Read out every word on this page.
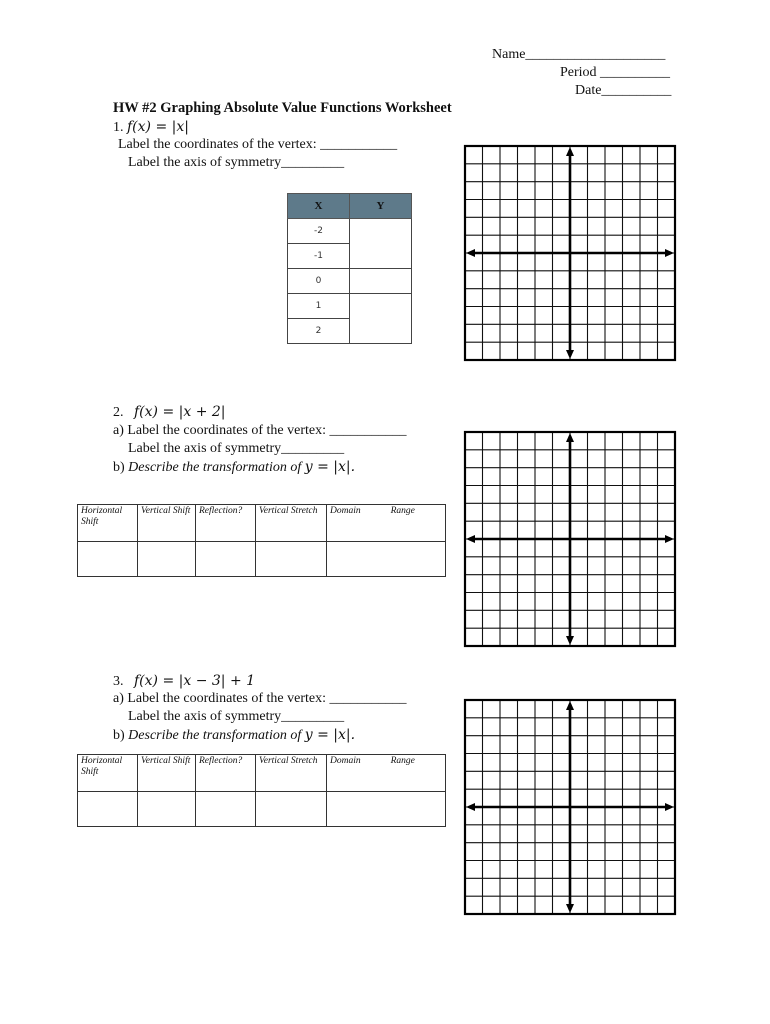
Name____________________
Period __________
Date__________
HW #2 Graphing Absolute Value Functions Worksheet
1. f(x) = |x|
Label the coordinates of the vertex: ___________
Label the axis of symmetry_________
X	Y
-2	
-1	
0	
1	
2	
2. f(x) = |x + 2|
a) Label the coordinates of the vertex: ___________
Label the axis of symmetry_________
b) Describe the transformation of y = |x|.
Horizontal Shift	Vertical Shift	Reflection?	Vertical Stretch	Domain Range

3. f(x) = |x − 3| + 1
a) Label the coordinates of the vertex: ___________
Label the axis of symmetry_________
b) Describe the transformation of y = |x|.
Horizontal Shift	Vertical Shift	Reflection?	Vertical Stretch	Domain Range
